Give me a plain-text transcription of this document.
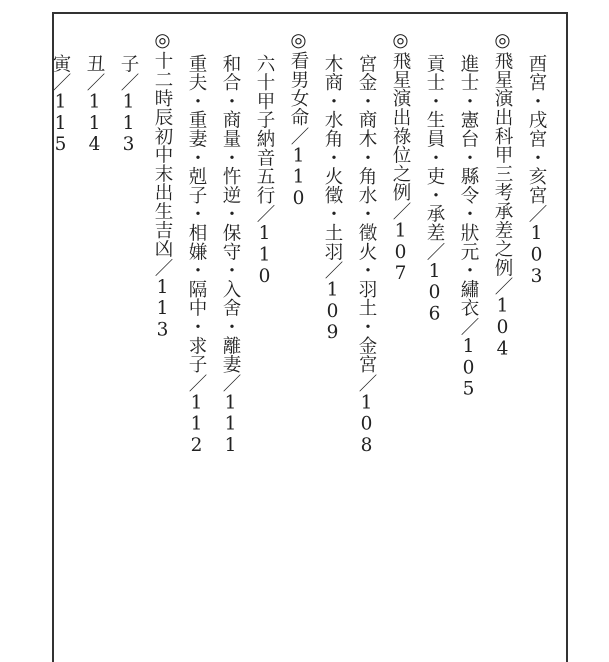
酉宮・戌宮・亥宮／103
◎飛星演出科甲三考承差之例／104
進士・憲台・縣令・狀元・繡衣／105
貢士・生員・吏・承差／106
◎飛星演出祿位之例／107
宮金・商木・角水・徵火・羽土・金宮／108
木商・水角・火徵・土羽／109
◎看男女命／110
六十甲子納音五行／110
和合・商量・忤逆・保守・入舍・離妻／111
重夫・重妻・剋子・相嫌・隔中・求子／112
◎十二時辰初中末出生吉凶／113
子／113
丑／114
寅／115
